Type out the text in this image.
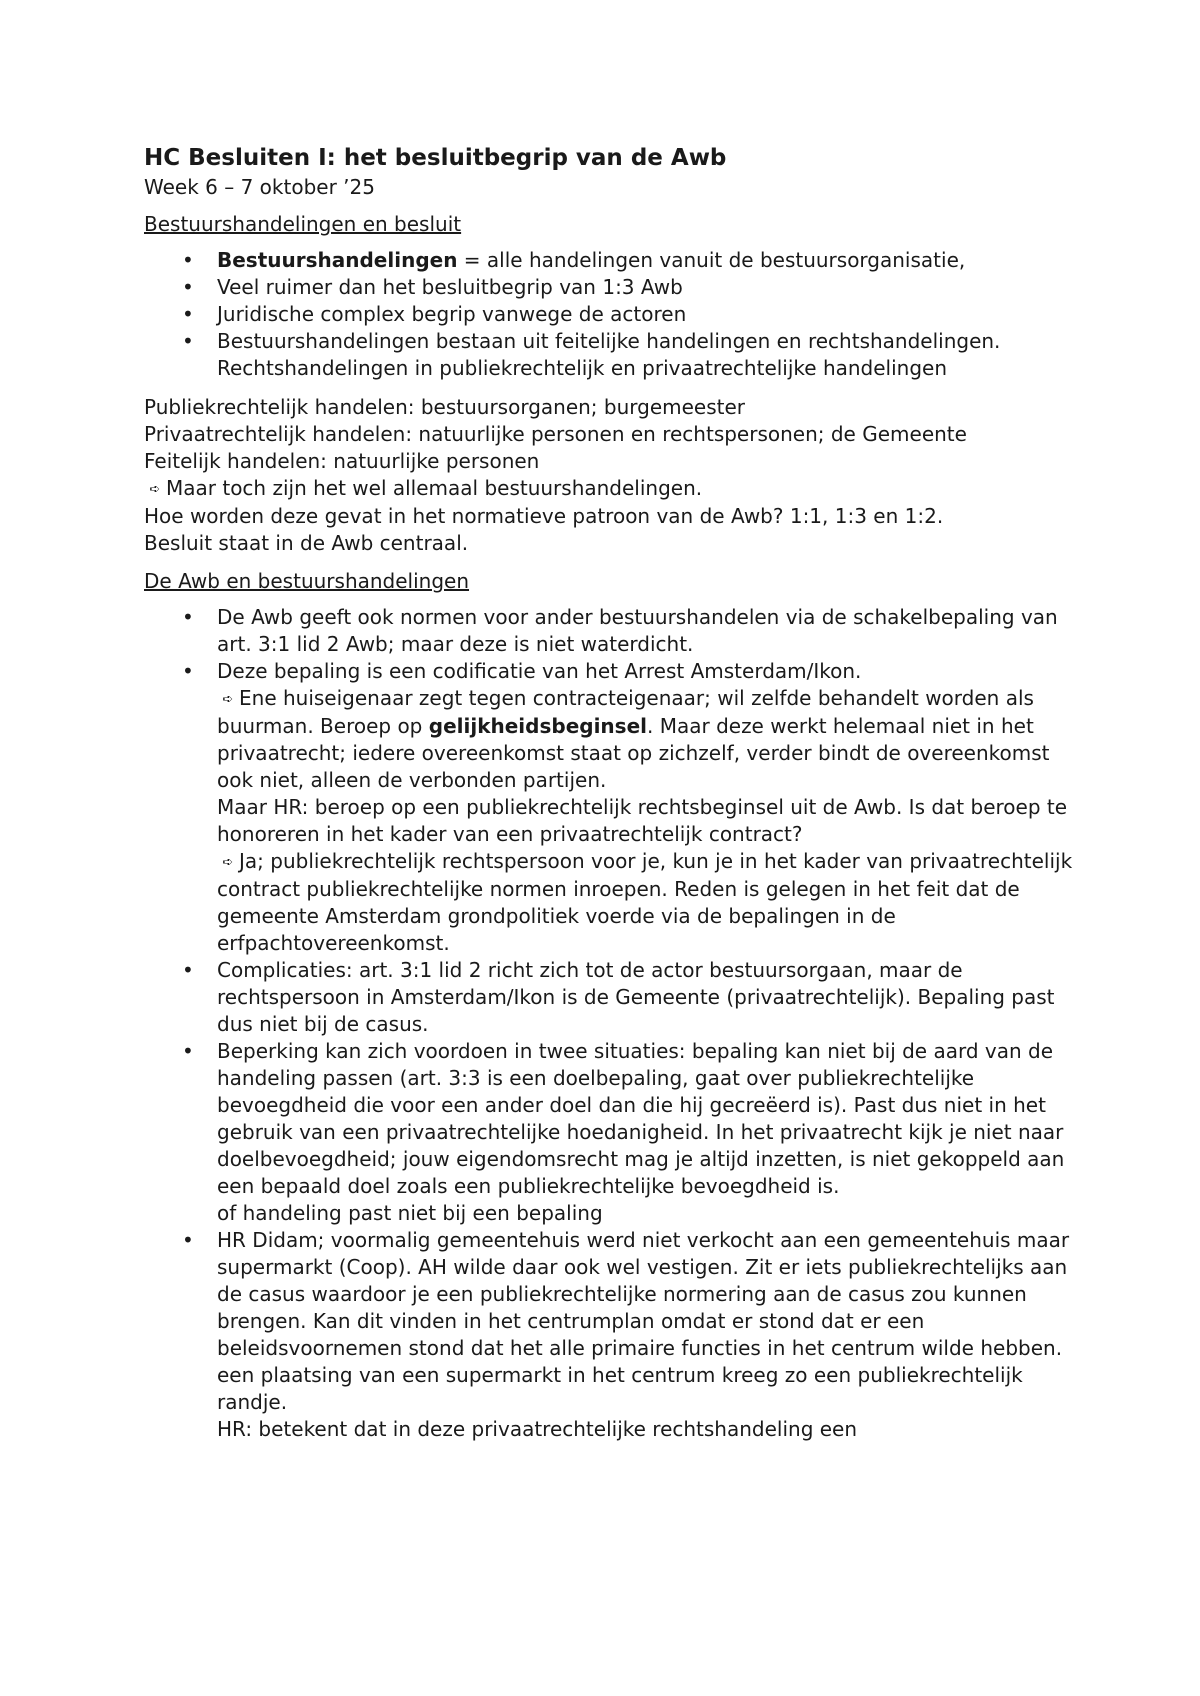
HC Besluiten I: het besluitbegrip van de Awb

Week 6 – 7 oktober ’25

Bestuurshandelingen en besluit

• Bestuurshandelingen = alle handelingen vanuit de bestuursorganisatie,
• Veel ruimer dan het besluitbegrip van 1:3 Awb
• Juridische complex begrip vanwege de actoren
• Bestuurshandelingen bestaan uit feitelijke handelingen en rechtshandelingen. Rechtshandelingen in publiekrechtelijk en privaatrechtelijke handelingen
Publiekrechtelijk handelen: bestuursorganen; burgemeester
Privaatrechtelijk handelen: natuurlijke personen en rechtspersonen; de Gemeente
Feitelijk handelen: natuurlijke personen
➪ Maar toch zijn het wel allemaal bestuurshandelingen.
Hoe worden deze gevat in het normatieve patroon van de Awb? 1:1, 1:3 en 1:2.
Besluit staat in de Awb centraal.

De Awb en bestuurshandelingen

• De Awb geeft ook normen voor ander bestuurshandelen via de schakelbepaling van art. 3:1 lid 2 Awb; maar deze is niet waterdicht.
• Deze bepaling is een codificatie van het Arrest Amsterdam/Ikon.
➪ Ene huiseigenaar zegt tegen contracteigenaar; wil zelfde behandelt worden als buurman. Beroep op gelijkheidsbeginsel. Maar deze werkt helemaal niet in het privaatrecht; iedere overeenkomst staat op zichzelf, verder bindt de overeenkomst ook niet, alleen de verbonden partijen.
Maar HR: beroep op een publiekrechtelijk rechtsbeginsel uit de Awb. Is dat beroep te honoreren in het kader van een privaatrechtelijk contract?
➪ Ja; publiekrechtelijk rechtspersoon voor je, kun je in het kader van privaatrechtelijk contract publiekrechtelijke normen inroepen. Reden is gelegen in het feit dat de gemeente Amsterdam grondpolitiek voerde via de bepalingen in de erfpachtovereenkomst.
• Complicaties: art. 3:1 lid 2 richt zich tot de actor bestuursorgaan, maar de rechtspersoon in Amsterdam/Ikon is de Gemeente (privaatrechtelijk). Bepaling past dus niet bij de casus.
• Beperking kan zich voordoen in twee situaties: bepaling kan niet bij de aard van de handeling passen (art. 3:3 is een doelbepaling, gaat over publiekrechtelijke bevoegdheid die voor een ander doel dan die hij gecreëerd is). Past dus niet in het gebruik van een privaatrechtelijke hoedanigheid. In het privaatrecht kijk je niet naar doelbevoegdheid; jouw eigendomsrecht mag je altijd inzetten, is niet gekoppeld aan een bepaald doel zoals een publiekrechtelijke bevoegdheid is.
of handeling past niet bij een bepaling
• HR Didam; voormalig gemeentehuis werd niet verkocht aan een gemeentehuis maar supermarkt (Coop). AH wilde daar ook wel vestigen. Zit er iets publiekrechtelijks aan de casus waardoor je een publiekrechtelijke normering aan de casus zou kunnen brengen. Kan dit vinden in het centrumplan omdat er stond dat er een beleidsvoornemen stond dat het alle primaire functies in het centrum wilde hebben. een plaatsing van een supermarkt in het centrum kreeg zo een publiekrechtelijk randje.
HR: betekent dat in deze privaatrechtelijke rechtshandeling een
